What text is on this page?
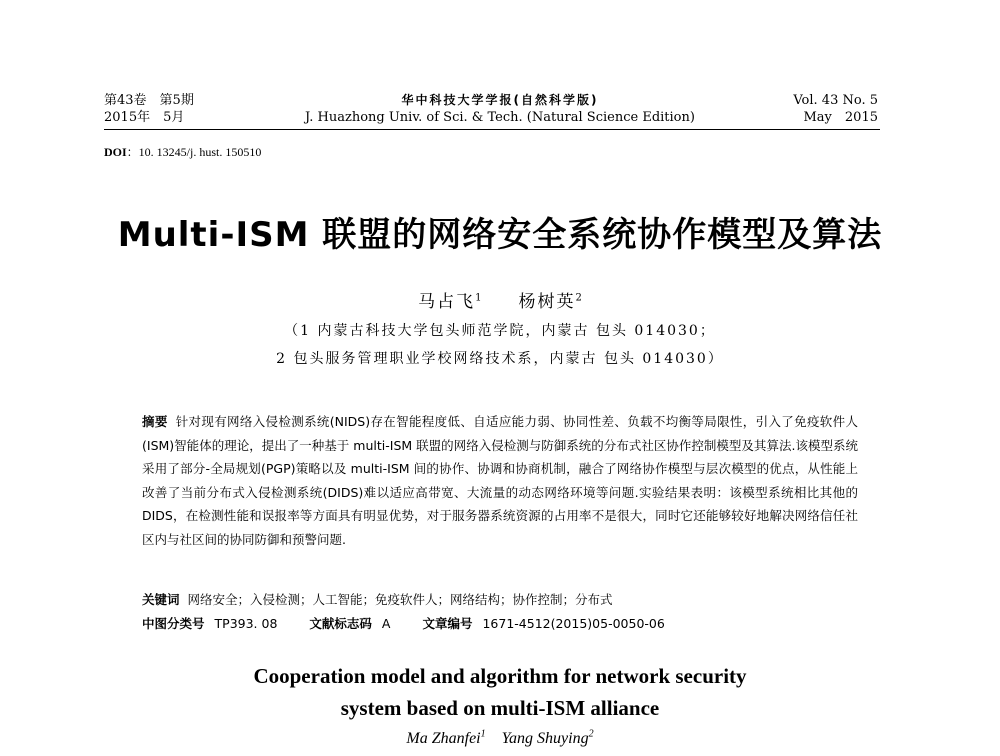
第43卷　第5期
2015年　5月
华中科技大学学报(自然科学版)
J. Huazhong Univ. of Sci. & Tech. (Natural Science Edition)
Vol. 43 No. 5
May　2015
DOI：10. 13245/j. hust. 150510
Multi-ISM 联盟的网络安全系统协作模型及算法
马占飞$^1$ 杨树英$^2$
（1 内蒙古科技大学包头师范学院，内蒙古 包头 014030；
2 包头服务管理职业学校网络技术系，内蒙古 包头 014030）
摘要 针对现有网络入侵检测系统(NIDS)存在智能程度低、自适应能力弱、协同性差、负载不均衡等局限性，引入了免疫软件人(ISM)智能体的理论，提出了一种基于 multi-ISM 联盟的网络入侵检测与防御系统的分布式社区协作控制模型及其算法.该模型系统采用了部分-全局规划(PGP)策略以及 multi-ISM 间的协作、协调和协商机制，融合了网络协作模型与层次模型的优点，从性能上改善了当前分布式入侵检测系统(DIDS)难以适应高带宽、大流量的动态网络环境等问题.实验结果表明：该模型系统相比其他的 DIDS，在检测性能和误报率等方面具有明显优势，对于服务器系统资源的占用率不是很大，同时它还能够较好地解决网络信任社区内与社区间的协同防御和预警问题.
关键词 网络安全；入侵检测；人工智能；免疫软件人；网络结构；协作控制；分布式
中图分类号 TP393. 08	文献标志码 A	文章编号 1671-4512(2015)05-0050-06
Cooperation model and algorithm for network security
system based on multi-ISM alliance
Ma Zhanfei$^1$ Yang Shuying$^2$
